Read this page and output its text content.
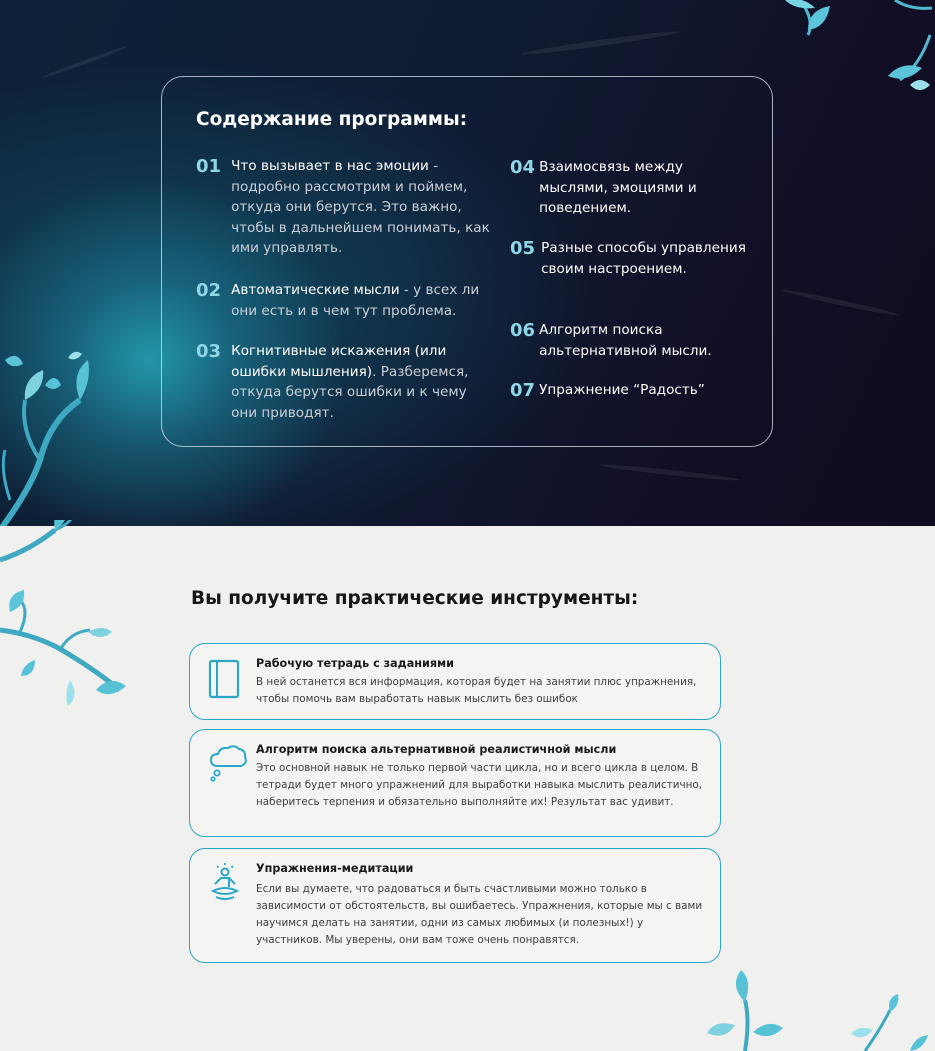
Содержание программы:
01 Что вызывает в нас эмоции - подробно рассмотрим и поймем, откуда они берутся. Это важно, чтобы в дальнейшем понимать, как ими управлять.
02 Автоматические мысли - у всех ли они есть и в чем тут проблема.
03 Когнитивные искажения (или ошибки мышления). Разберемся, откуда берутся ошибки и к чему они приводят.
04 Взаимосвязь между мыслями, эмоциями и поведением.
05 Разные способы управления своим настроением.
06 Алгоритм поиска альтернативной мысли.
07 Упражнение “Радость”
Вы получите практические инструменты:
Рабочую тетрадь с заданиями
В ней останется вся информация, которая будет на занятии плюс упражнения, чтобы помочь вам выработать навык мыслить без ошибок
Алгоритм поиска альтернативной реалистичной мысли
Это основной навык не только первой части цикла, но и всего цикла в целом. В тетради будет много упражнений для выработки навыка мыслить реалистично, наберитесь терпения и обязательно выполняйте их! Результат вас удивит.
Упражнения-медитации
Если вы думаете, что радоваться и быть счастливыми можно только в зависимости от обстоятельств, вы ошибаетесь. Упражнения, которые мы с вами научимся делать на занятии, одни из самых любимых (и полезных!) у участников. Мы уверены, они вам тоже очень понравятся.
